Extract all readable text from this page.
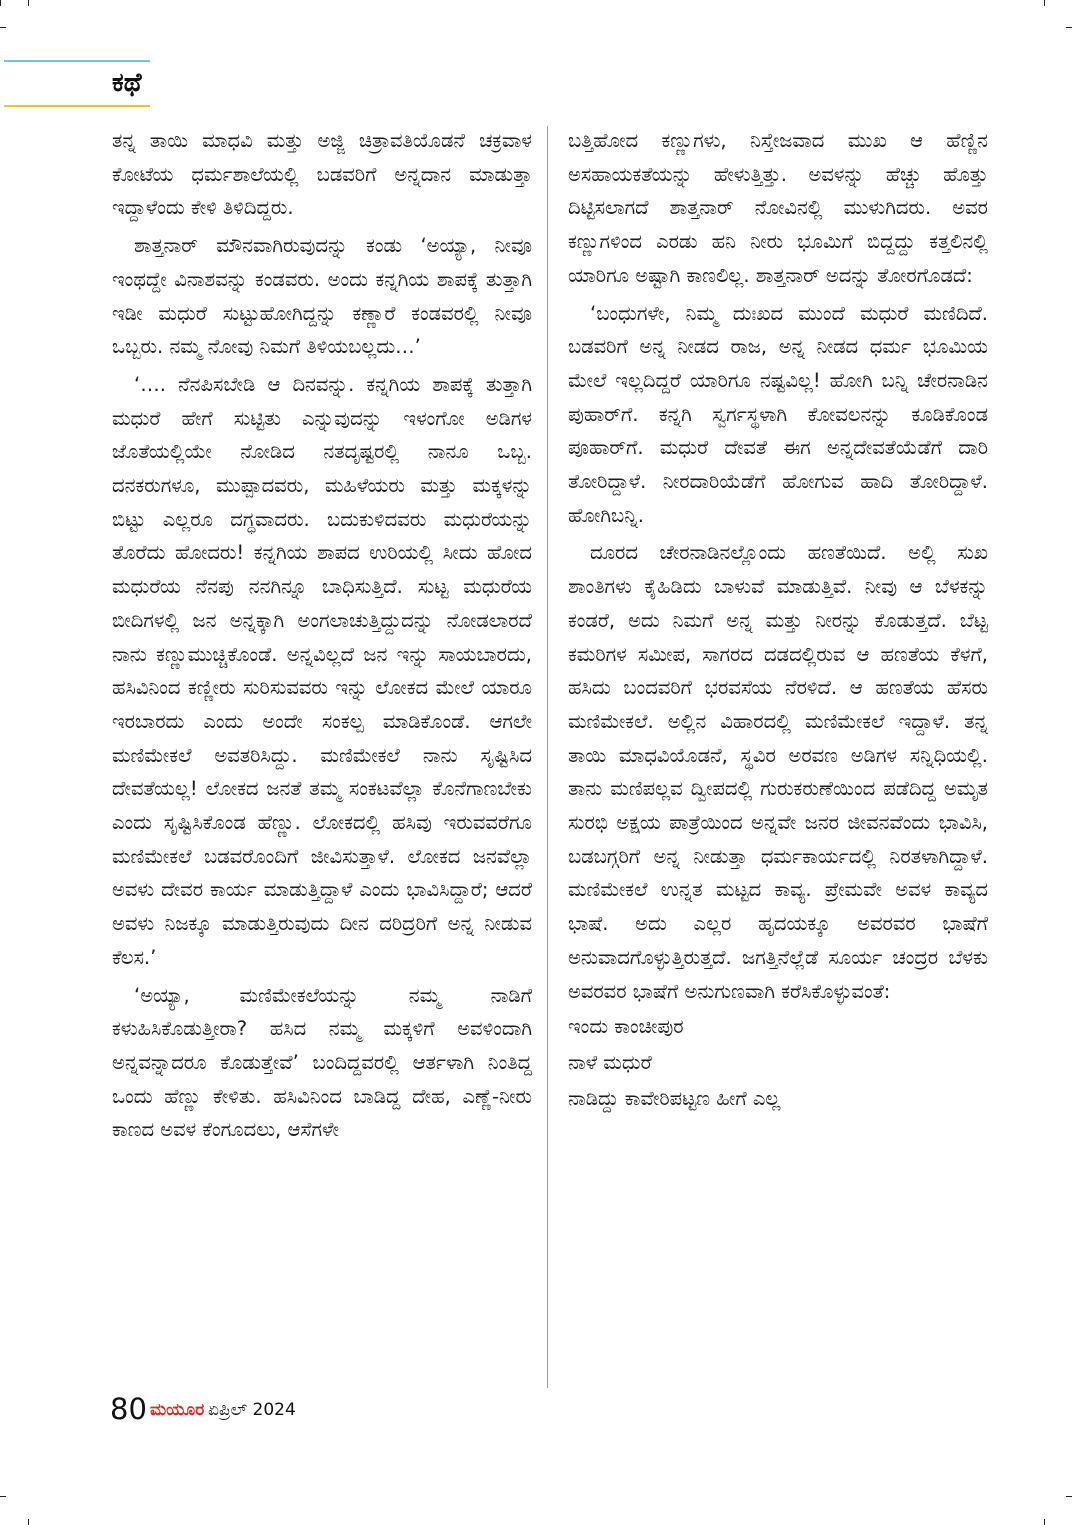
ಕಥೆ

ತನ್ನ ತಾಯಿ ಮಾಧವಿ ಮತ್ತು ಅಜ್ಜಿ ಚಿತ್ರಾವತಿಯೊಡನೆ ಚಕ್ರವಾಳ ಕೋಟೆಯ ಧರ್ಮಶಾಲೆಯಲ್ಲಿ ಬಡವರಿಗೆ ಅನ್ನದಾನ ಮಾಡುತ್ತಾ ಇದ್ದಾಳೆಂದು ಕೇಳಿ ತಿಳಿದಿದ್ದರು.

ಶಾತ್ತನಾರ್ ಮೌನವಾಗಿರುವುದನ್ನು ಕಂಡು ‘ಅಯ್ಯಾ, ನೀವೂ ಇಂಥದ್ದೇ ವಿನಾಶವನ್ನು ಕಂಡವರು. ಅಂದು ಕನ್ನಗಿಯ ಶಾಪಕ್ಕೆ ತುತ್ತಾಗಿ ಇಡೀ ಮಧುರೆ ಸುಟ್ಟುಹೋಗಿದ್ದನ್ನು ಕಣ್ಣಾರೆ ಕಂಡವರಲ್ಲಿ ನೀವೂ ಒಬ್ಬರು. ನಮ್ಮ ನೋವು ನಿಮಗೆ ತಿಳಿಯಬಲ್ಲದು…’

‘…. ನೆನಪಿಸಬೇಡಿ ಆ ದಿನವನ್ನು. ಕನ್ನಗಿಯ ಶಾಪಕ್ಕೆ ತುತ್ತಾಗಿ ಮಧುರೆ ಹೇಗೆ ಸುಟ್ಟಿತು ಎನ್ನುವುದನ್ನು ಇಳಂಗೋ ಅಡಿಗಳ ಜೊತೆಯಲ್ಲಿಯೇ ನೋಡಿದ ನತದೃಷ್ಟರಲ್ಲಿ ನಾನೂ ಒಬ್ಬ. ದನಕರುಗಳೂ, ಮುಪ್ಪಾದವರು, ಮಹಿಳೆಯರು ಮತ್ತು ಮಕ್ಕಳನ್ನು ಬಿಟ್ಟು ಎಲ್ಲರೂ ದಗ್ಧವಾದರು. ಬದುಕುಳಿದವರು ಮಧುರೆಯನ್ನು ತೊರೆದು ಹೋದರು! ಕನ್ನಗಿಯ ಶಾಪದ ಉರಿಯಲ್ಲಿ ಸೀದು ಹೋದ ಮಧುರೆಯ ನೆನಪು ನನಗಿನ್ನೂ ಬಾಧಿಸುತ್ತಿದೆ. ಸುಟ್ಟ ಮಧುರೆಯ ಬೀದಿಗಳಲ್ಲಿ ಜನ ಅನ್ನಕ್ಕಾಗಿ ಅಂಗಲಾಚುತ್ತಿದ್ದುದನ್ನು ನೋಡಲಾರದೆ ನಾನು ಕಣ್ಣುಮುಚ್ಚಿಕೊಂಡೆ. ಅನ್ನವಿಲ್ಲದೆ ಜನ ಇನ್ನು ಸಾಯಬಾರದು, ಹಸಿವಿನಿಂದ ಕಣ್ಣೀರು ಸುರಿಸುವವರು ಇನ್ನು ಲೋಕದ ಮೇಲೆ ಯಾರೂ ಇರಬಾರದು ಎಂದು ಅಂದೇ ಸಂಕಲ್ಪ ಮಾಡಿಕೊಂಡೆ. ಆಗಲೇ ಮಣಿಮೇಕಲೆ ಅವತರಿಸಿದ್ದು. ಮಣಿಮೇಕಲೆ ನಾನು ಸೃಷ್ಟಿಸಿದ ದೇವತೆಯಲ್ಲ! ಲೋಕದ ಜನತೆ ತಮ್ಮ ಸಂಕಟವೆಲ್ಲಾ ಕೊನೆಗಾಣಬೇಕು ಎಂದು ಸೃಷ್ಟಿಸಿಕೊಂಡ ಹೆಣ್ಣು. ಲೋಕದಲ್ಲಿ ಹಸಿವು ಇರುವವರೆಗೂ ಮಣಿಮೇಕಲೆ ಬಡವರೊಂದಿಗೆ ಜೀವಿಸುತ್ತಾಳೆ. ಲೋಕದ ಜನವೆಲ್ಲಾ ಅವಳು ದೇವರ ಕಾರ್ಯ ಮಾಡುತ್ತಿದ್ದಾಳೆ ಎಂದು ಭಾವಿಸಿದ್ದಾರೆ; ಆದರೆ ಅವಳು ನಿಜಕ್ಕೂ ಮಾಡುತ್ತಿರುವುದು ದೀನ ದರಿದ್ರರಿಗೆ ಅನ್ನ ನೀಡುವ ಕೆಲಸ.’

‘ಅಯ್ಯಾ, ಮಣಿಮೇಕಲೆಯನ್ನು ನಮ್ಮ ನಾಡಿಗೆ ಕಳುಹಿಸಿಕೊಡುತ್ತೀರಾ? ಹಸಿದ ನಮ್ಮ ಮಕ್ಕಳಿಗೆ ಅವಳಿಂದಾಗಿ ಅನ್ನವನ್ನಾದರೂ ಕೊಡುತ್ತೇವೆ’ ಬಂದಿದ್ದವರಲ್ಲಿ ಆರ್ತಳಾಗಿ ನಿಂತಿದ್ದ ಒಂದು ಹೆಣ್ಣು ಕೇಳಿತು. ಹಸಿವಿನಿಂದ ಬಾಡಿದ್ದ ದೇಹ, ಎಣ್ಣೆ-ನೀರು ಕಾಣದ ಅವಳ ಕೆಂಗೂದಲು, ಆಸೆಗಳೇ

ಬತ್ತಿಹೋದ ಕಣ್ಣುಗಳು, ನಿಸ್ತೇಜವಾದ ಮುಖ ಆ ಹೆಣ್ಣಿನ ಅಸಹಾಯಕತೆಯನ್ನು ಹೇಳುತ್ತಿತ್ತು. ಅವಳನ್ನು ಹೆಚ್ಚು ಹೊತ್ತು ದಿಟ್ಟಿಸಲಾಗದೆ ಶಾತ್ತನಾರ್ ನೋವಿನಲ್ಲಿ ಮುಳುಗಿದರು. ಅವರ ಕಣ್ಣುಗಳಿಂದ ಎರಡು ಹನಿ ನೀರು ಭೂಮಿಗೆ ಬಿದ್ದದ್ದು ಕತ್ತಲಿನಲ್ಲಿ ಯಾರಿಗೂ ಅಷ್ಟಾಗಿ ಕಾಣಲಿಲ್ಲ. ಶಾತ್ತನಾರ್ ಅದನ್ನು ತೋರಗೊಡದೆ:

‘ಬಂಧುಗಳೇ, ನಿಮ್ಮ ದುಃಖದ ಮುಂದೆ ಮಧುರೆ ಮಣಿದಿದೆ. ಬಡವರಿಗೆ ಅನ್ನ ನೀಡದ ರಾಜ, ಅನ್ನ ನೀಡದ ಧರ್ಮ ಭೂಮಿಯ ಮೇಲೆ ಇಲ್ಲದಿದ್ದರೆ ಯಾರಿಗೂ ನಷ್ಟವಿಲ್ಲ! ಹೋಗಿ ಬನ್ನಿ ಚೇರನಾಡಿನ ಪುಹಾರ್‌ಗೆ. ಕನ್ನಗಿ ಸ್ವರ್ಗಸ್ಥಳಾಗಿ ಕೋವಲನನ್ನು ಕೂಡಿಕೊಂಡ ಪೂಹಾರ್‌ಗೆ. ಮಧುರೆ ದೇವತೆ ಈಗ ಅನ್ನದೇವತೆಯೆಡೆಗೆ ದಾರಿ ತೋರಿದ್ದಾಳೆ. ನೀರದಾರಿಯೆಡೆಗೆ ಹೋಗುವ ಹಾದಿ ತೋರಿದ್ದಾಳೆ. ಹೋಗಿಬನ್ನಿ.

ದೂರದ ಚೇರನಾಡಿನಲ್ಲೊಂದು ಹಣತೆಯಿದೆ. ಅಲ್ಲಿ ಸುಖ ಶಾಂತಿಗಳು ಕೈಹಿಡಿದು ಬಾಳುವೆ ಮಾಡುತ್ತಿವೆ. ನೀವು ಆ ಬೆಳಕನ್ನು ಕಂಡರೆ, ಅದು ನಿಮಗೆ ಅನ್ನ ಮತ್ತು ನೀರನ್ನು ಕೊಡುತ್ತದೆ. ಬೆಟ್ಟ ಕಮರಿಗಳ ಸಮೀಪ, ಸಾಗರದ ದಡದಲ್ಲಿರುವ ಆ ಹಣತೆಯ ಕೆಳಗೆ, ಹಸಿದು ಬಂದವರಿಗೆ ಭರವಸೆಯ ನೆರಳಿದೆ. ಆ ಹಣತೆಯ ಹೆಸರು ಮಣಿಮೇಕಲೆ. ಅಲ್ಲಿನ ವಿಹಾರದಲ್ಲಿ ಮಣಿಮೇಕಲೆ ಇದ್ದಾಳೆ. ತನ್ನ ತಾಯಿ ಮಾಧವಿಯೊಡನೆ, ಸ್ಥವಿರ ಅರವಣ ಅಡಿಗಳ ಸನ್ನಿಧಿಯಲ್ಲಿ. ತಾನು ಮಣಿಪಲ್ಲವ ದ್ವೀಪದಲ್ಲಿ ಗುರುಕರುಣೆಯಿಂದ ಪಡೆದಿದ್ದ ಅಮೃತ ಸುರಭಿ ಅಕ್ಷಯ ಪಾತ್ರೆಯಿಂದ ಅನ್ನವೇ ಜನರ ಜೀವನವೆಂದು ಭಾವಿಸಿ, ಬಡಬಗ್ಗರಿಗೆ ಅನ್ನ ನೀಡುತ್ತಾ ಧರ್ಮಕಾರ್ಯದಲ್ಲಿ ನಿರತಳಾಗಿದ್ದಾಳೆ. ಮಣಿಮೇಕಲೆ ಉನ್ನತ ಮಟ್ಟದ ಕಾವ್ಯ. ಪ್ರೇಮವೇ ಅವಳ ಕಾವ್ಯದ ಭಾಷೆ. ಅದು ಎಲ್ಲರ ಹೃದಯಕ್ಕೂ ಅವರವರ ಭಾಷೆಗೆ ಅನುವಾದಗೊಳ್ಳುತ್ತಿರುತ್ತದೆ. ಜಗತ್ತಿನೆಲ್ಲೆಡೆ ಸೂರ್ಯ ಚಂದ್ರರ ಬೆಳಕು ಅವರವರ ಭಾಷೆಗೆ ಅನುಗುಣವಾಗಿ ಕರೆಸಿಕೊಳ್ಳುವಂತೆ:

ಇಂದು ಕಾಂಚೀಪುರ

ನಾಳೆ ಮಧುರೆ

ನಾಡಿದ್ದು ಕಾವೇರಿಪಟ್ಟಣ ಹೀಗೆ ಎಲ್ಲ

80 ಮಯೂರ ಏಪ್ರಿಲ್ 2024
